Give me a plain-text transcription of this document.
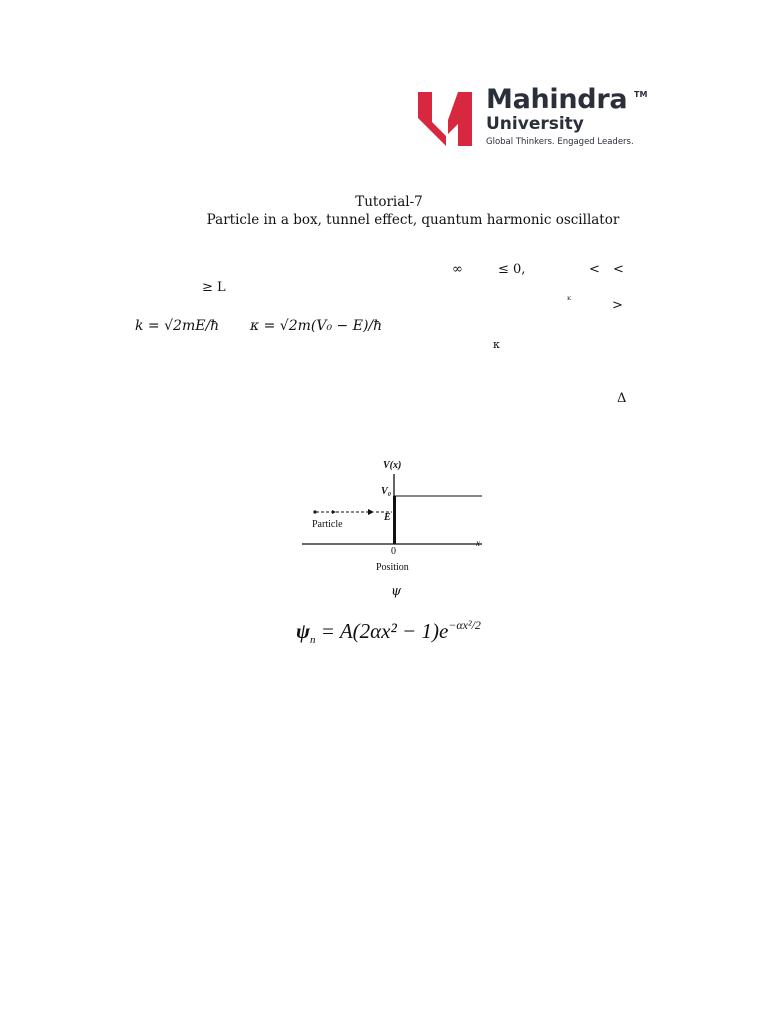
Mahindra TM
University
Global Thinkers. Engaged Leaders.
Tutorial-7
Particle in a box, tunnel effect, quantum harmonic oscillator
∞	≤ 0,	< <
≥ L
ᴷ	>
k = √2mE/ħ κ = √2m(V₀ − E)/ħ
κ
Δ
V(x)
V₀
E
Particle
0
x
Position
ψ
$\psi_n = A(2\alpha x^2 - 1)e^{-\alpha x^2/2}$
